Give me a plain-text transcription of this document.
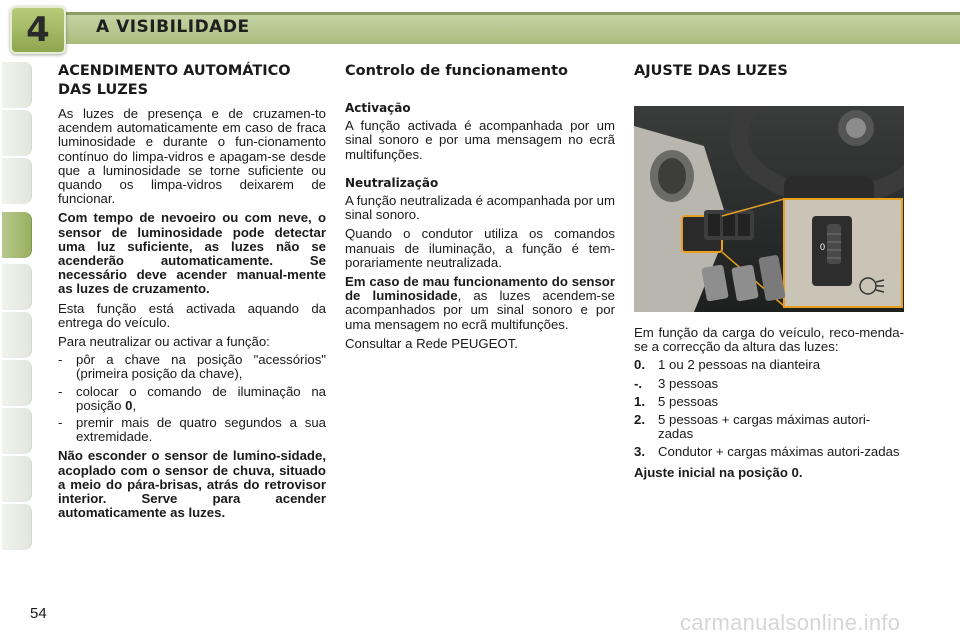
4	A VISIBILIDADE
ACENDIMENTO AUTOMÁTICO DAS LUZES

As luzes de presença e de cruzamen-to acendem automaticamente em caso de fraca luminosidade e durante o fun-cionamento contínuo do limpa-vidros e apagam-se desde que a luminosidade se torne suficiente ou quando os limpa-vidros deixarem de funcionar.

Com tempo de nevoeiro ou com neve, o sensor de luminosidade pode detectar uma luz suficiente, as luzes não se acenderão automaticamente. Se necessário deve acender manual-mente as luzes de cruzamento.

Esta função está activada aquando da entrega do veículo.

Para neutralizar ou activar a função:

-	pôr a chave na posição "acessórios" (primeira posição da chave),
-	colocar o comando de iluminação na posição 0,
-	premir mais de quatro segundos a sua extremidade.

Não esconder o sensor de lumino-sidade, acoplado com o sensor de chuva, situado a meio do pára-brisas, atrás do retrovisor interior. Serve para acender automaticamente as luzes.

Controlo de funcionamento
Activação

A função activada é acompanhada por um sinal sonoro e por uma mensagem no ecrã multifunções.

Neutralização

A função neutralizada é acompanhada por um sinal sonoro.

Quando o condutor utiliza os comandos manuais de iluminação, a função é tem-porariamente neutralizada.

Em caso de mau funcionamento do sensor de luminosidade, as luzes acendem-se acompanhados por um sinal sonoro e por uma mensagem no ecrã multifunções.

Consultar a Rede PEUGEOT.

AJUSTE DAS LUZES
0

Em função da carga do veículo, reco-menda-se a correcção da altura das luzes:

0. 1 ou 2 pessoas na dianteira
-.	3 pessoas
1. 5 pessoas
2. 5 pessoas + cargas máximas autori-zadas
3. Condutor + cargas máximas autori-zadas

Ajuste inicial na posição 0.

54	carmanualsonline.info
